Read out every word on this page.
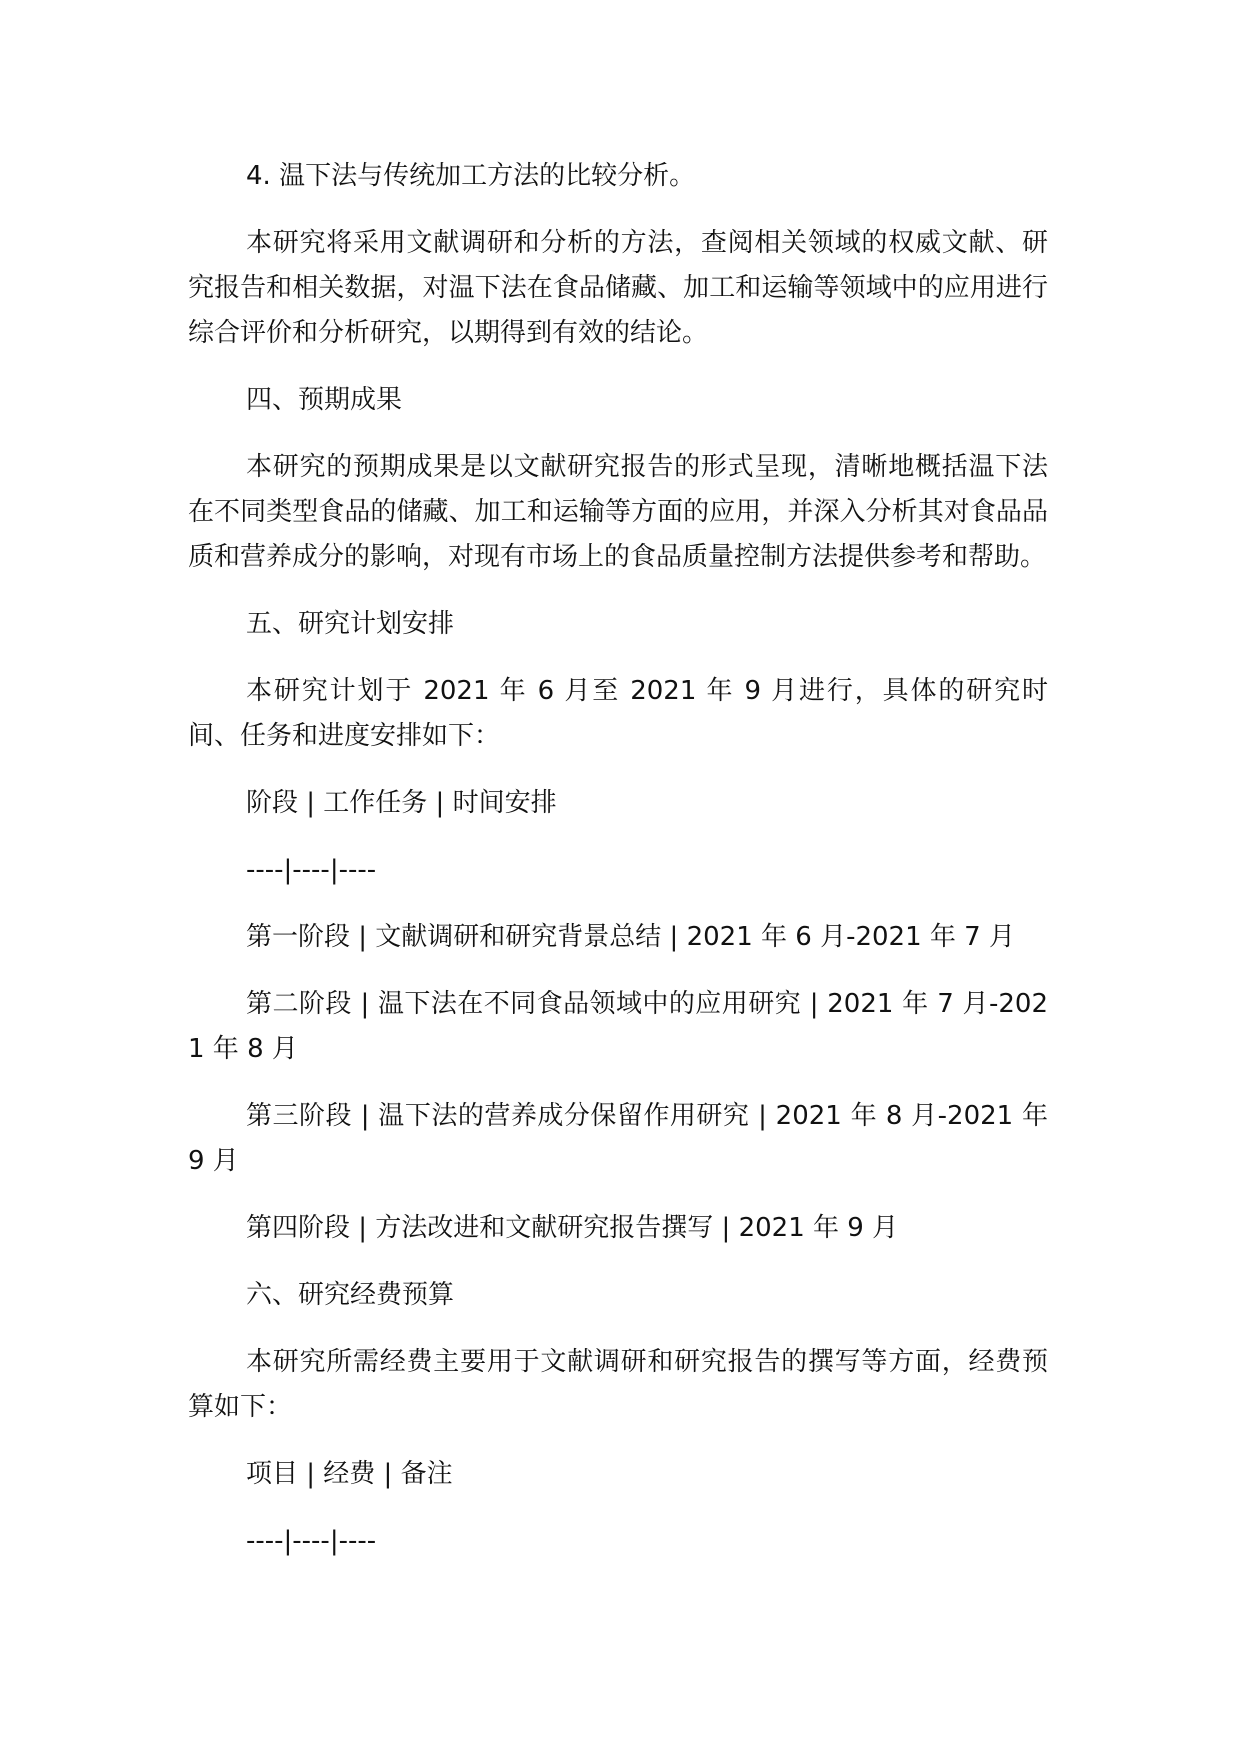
4. 温下法与传统加工方法的比较分析。

本研究将采用文献调研和分析的方法，查阅相关领域的权威文献、研究报告和相关数据，对温下法在食品储藏、加工和运输等领域中的应用进行综合评价和分析研究，以期得到有效的结论。

四、预期成果

本研究的预期成果是以文献研究报告的形式呈现，清晰地概括温下法在不同类型食品的储藏、加工和运输等方面的应用，并深入分析其对食品品质和营养成分的影响，对现有市场上的食品质量控制方法提供参考和帮助。

五、研究计划安排

本研究计划于 2021 年 6 月至 2021 年 9 月进行，具体的研究时间、任务和进度安排如下：

阶段 | 工作任务 | 时间安排

----|----|----

第一阶段 | 文献调研和研究背景总结 | 2021 年 6 月-2021 年 7 月

第二阶段 | 温下法在不同食品领域中的应用研究 | 2021 年 7 月-2021 年 8 月

第三阶段 | 温下法的营养成分保留作用研究 | 2021 年 8 月-2021 年 9 月

第四阶段 | 方法改进和文献研究报告撰写 | 2021 年 9 月

六、研究经费预算

本研究所需经费主要用于文献调研和研究报告的撰写等方面，经费预算如下：

项目 | 经费 | 备注

----|----|----
